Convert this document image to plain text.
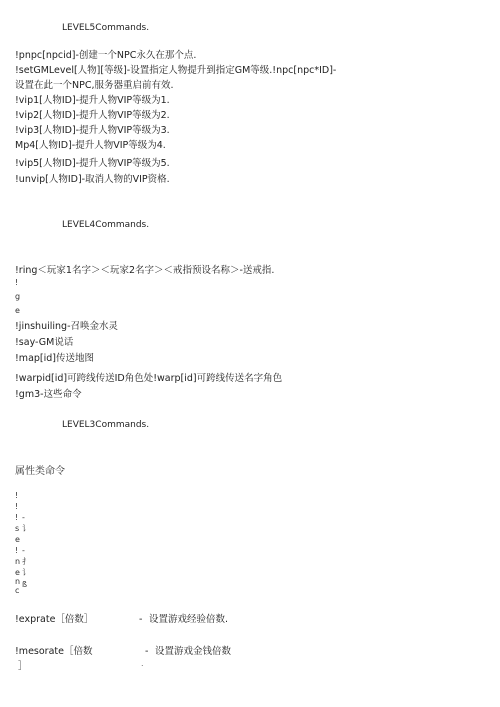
LEVEL5Commands.
!pnpc[npcid]-创建一个NPC永久在那个点.
!setGMLevel[人物][等级]-设置指定人物提升到指定GM等级.!npc[npc*ID]-
设置在此一个NPC,服务器重启前有效.
!vip1[人物ID]-提升人物VIP等级为1.
!vip2[人物ID]-提升人物VIP等级为2.
!vip3[人物ID]-提升人物VIP等级为3.
Mp4[人物ID]-提升人物VIP等级为4.
!vip5[人物ID]-提升人物VIP等级为5.
!unvip[人物ID]-取消人物的VIP资格.
LEVEL4Commands.
!ring＜玩家1名字＞＜玩家2名字＞＜戒指预设名称＞-送戒指.
!
g
e
!jinshuiling-召唤金水灵
!say-GM说话
!map[id]传送地图
!warpid[id]可跨线传送ID角色处!warp[id]可跨线传送名字角色
!gm3-这些命令
LEVEL3Commands.
属性类命令
!
!
!
s
e
!
n
e
n
c
-
讠
-
扌
讠
ß
!exprate［倍数］	- 设置游戏经验倍数.
!mesorate［倍数
］
- 设置游戏金钱倍数
.
